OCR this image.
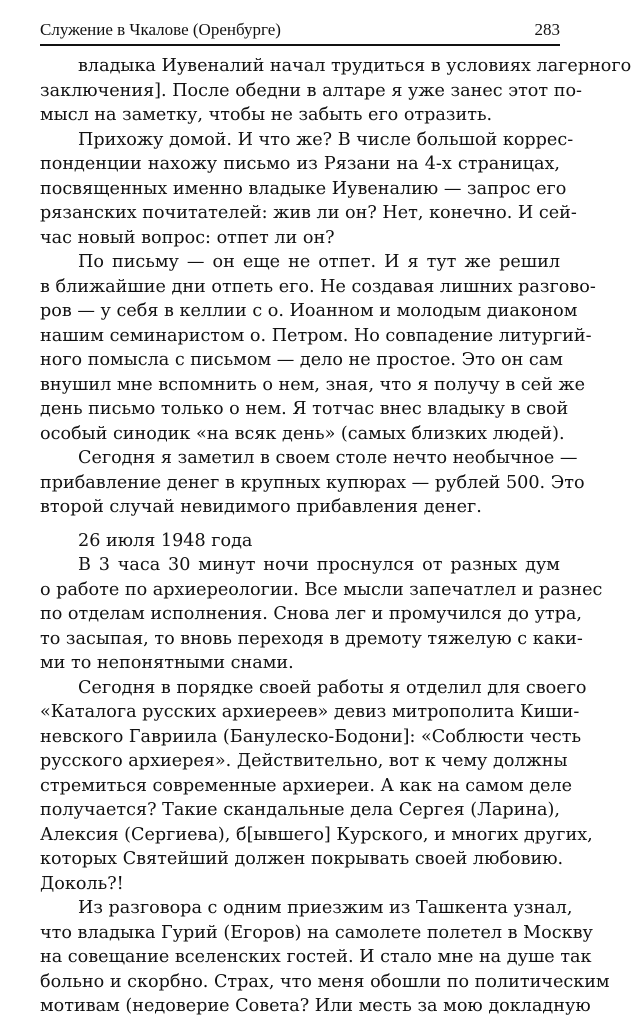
Служение в Чкалове (Оренбурге)	283
владыка Иувеналий начал трудиться в условиях лагерного
заключения]. После обедни в алтаре я уже занес этот по-
мысл на заметку, чтобы не забыть его отразить.
Прихожу домой. И что же? В числе большой коррес-
понденции нахожу письмо из Рязани на 4-х страницах,
посвященных именно владыке Иувеналию — запрос его
рязанских почитателей: жив ли он? Нет, конечно. И сей-
час новый вопрос: отпет ли он?
По письму — он еще не отпет. И я тут же решил
в ближайшие дни отпеть его. Не создавая лишних разгово-
ров — у себя в келлии с о. Иоанном и молодым диаконом
нашим семинаристом о. Петром. Но совпадение литургий-
ного помысла с письмом — дело не простое. Это он сам
внушил мне вспомнить о нем, зная, что я получу в сей же
день письмо только о нем. Я тотчас внес владыку в свой
особый синодик «на всяк день» (самых близких людей).
Сегодня я заметил в своем столе нечто необычное —
прибавление денег в крупных купюрах — рублей 500. Это
второй случай невидимого прибавления денег.
26 июля 1948 года
В 3 часа 30 минут ночи проснулся от разных дум
о работе по архиереологии. Все мысли запечатлел и разнес
по отделам исполнения. Снова лег и промучился до утра,
то засыпая, то вновь переходя в дремоту тяжелую с каки-
ми то непонятными снами.
Сегодня в порядке своей работы я отделил для своего
«Каталога русских архиереев» девиз митрополита Киши-
невского Гавриила (Банулеско-Бодони]: «Соблюсти честь
русского архиерея». Действительно, вот к чему должны
стремиться современные архиереи. А как на самом деле
получается? Такие скандальные дела Сергея (Ларина),
Алексия (Сергиева), б[ывшего] Курского, и многих других,
которых Святейший должен покрывать своей любовию.
Доколь?!
Из разговора с одним приезжим из Ташкента узнал,
что владыка Гурий (Егоров) на самолете полетел в Москву
на совещание вселенских гостей. И стало мне на душе так
больно и скорбно. Страх, что меня обошли по политическим
мотивам (недоверие Совета? Или месть за мою докладную
